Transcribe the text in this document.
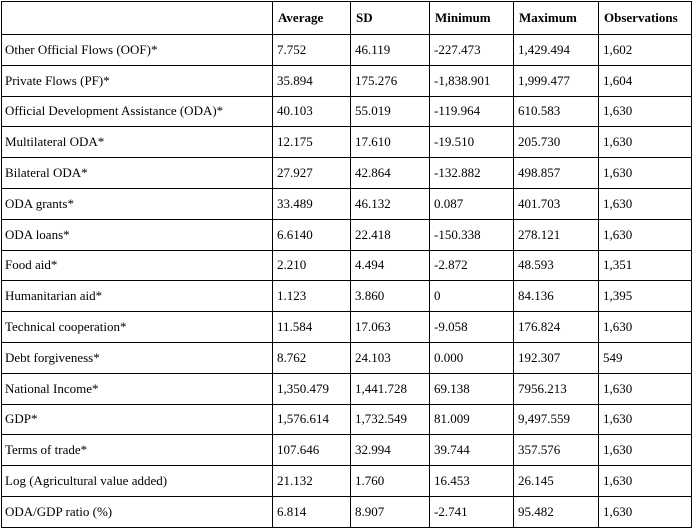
	Average	SD	Minimum	Maximum	Observations
Other Official Flows (OOF)*	7.752	46.119	-227.473	1,429.494	1,602
Private Flows (PF)*	35.894	175.276	-1,838.901	1,999.477	1,604
Official Development Assistance (ODA)*	40.103	55.019	-119.964	610.583	1,630
Multilateral ODA*	12.175	17.610	-19.510	205.730	1,630
Bilateral ODA*	27.927	42.864	-132.882	498.857	1,630
ODA grants*	33.489	46.132	0.087	401.703	1,630
ODA loans*	6.6140	22.418	-150.338	278.121	1,630
Food aid*	2.210	4.494	-2.872	48.593	1,351
Humanitarian aid*	1.123	3.860	0	84.136	1,395
Technical cooperation*	11.584	17.063	-9.058	176.824	1,630
Debt forgiveness*	8.762	24.103	0.000	192.307	549
National Income*	1,350.479	1,441.728	69.138	7956.213	1,630
GDP*	1,576.614	1,732.549	81.009	9,497.559	1,630
Terms of trade*	107.646	32.994	39.744	357.576	1,630
Log (Agricultural value added)	21.132	1.760	16.453	26.145	1,630
ODA/GDP ratio (%)	6.814	8.907	-2.741	95.482	1,630
